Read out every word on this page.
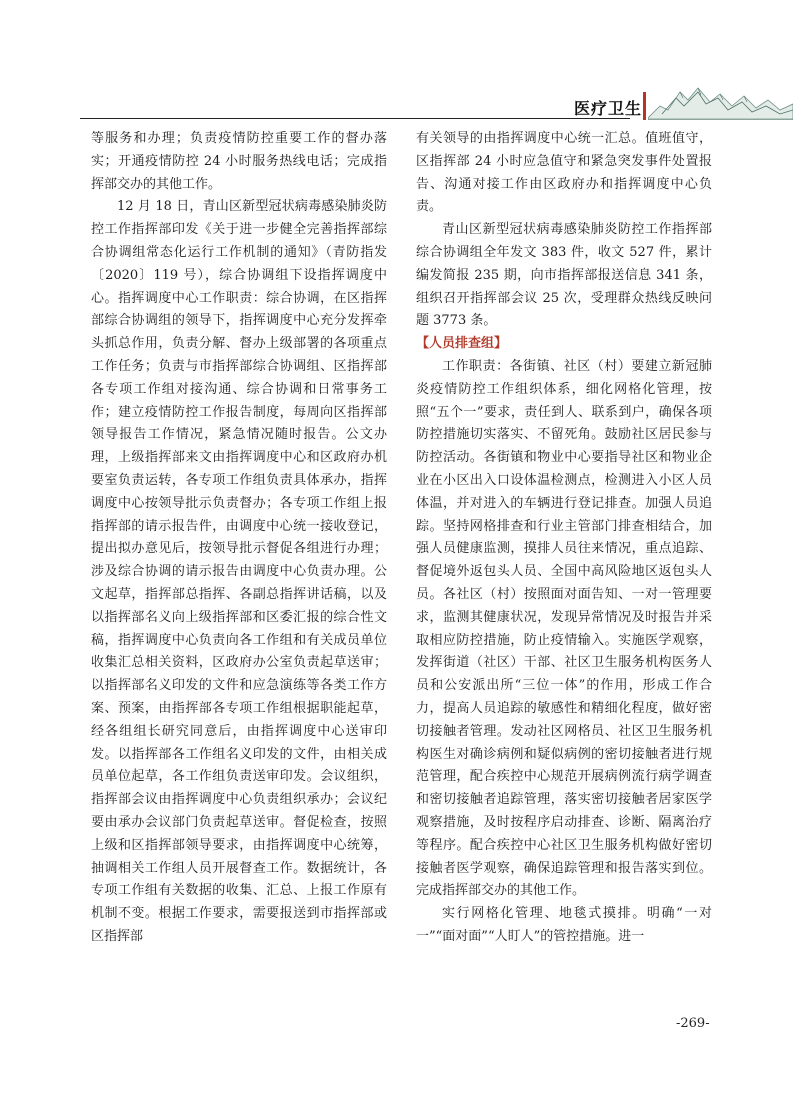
医疗卫生

等服务和办理；负责疫情防控重要工作的督办落实；开通疫情防控 24 小时服务热线电话；完成指挥部交办的其他工作。

12 月 18 日，青山区新型冠状病毒感染肺炎防控工作指挥部印发《关于进一步健全完善指挥部综合协调组常态化运行工作机制的通知》（青防指发〔2020〕119 号），综合协调组下设指挥调度中心。指挥调度中心工作职责：综合协调，在区指挥部综合协调组的领导下，指挥调度中心充分发挥牵头抓总作用，负责分解、督办上级部署的各项重点工作任务；负责与市指挥部综合协调组、区指挥部各专项工作组对接沟通、综合协调和日常事务工作；建立疫情防控工作报告制度，每周向区指挥部领导报告工作情况，紧急情况随时报告。公文办理，上级指挥部来文由指挥调度中心和区政府办机要室负责运转，各专项工作组负责具体承办，指挥调度中心按领导批示负责督办；各专项工作组上报指挥部的请示报告件，由调度中心统一接收登记，提出拟办意见后，按领导批示督促各组进行办理；涉及综合协调的请示报告由调度中心负责办理。公文起草，指挥部总指挥、各副总指挥讲话稿，以及以指挥部名义向上级指挥部和区委汇报的综合性文稿，指挥调度中心负责向各工作组和有关成员单位收集汇总相关资料，区政府办公室负责起草送审；以指挥部名义印发的文件和应急演练等各类工作方案、预案，由指挥部各专项工作组根据职能起草，经各组组长研究同意后，由指挥调度中心送审印发。以指挥部各工作组名义印发的文件，由相关成员单位起草，各工作组负责送审印发。会议组织，指挥部会议由指挥调度中心负责组织承办；会议纪要由承办会议部门负责起草送审。督促检查，按照上级和区指挥部领导要求，由指挥调度中心统筹，抽调相关工作组人员开展督查工作。数据统计，各专项工作组有关数据的收集、汇总、上报工作原有机制不变。根据工作要求，需要报送到市指挥部或区指挥部

有关领导的由指挥调度中心统一汇总。值班值守，区指挥部 24 小时应急值守和紧急突发事件处置报告、沟通对接工作由区政府办和指挥调度中心负责。

青山区新型冠状病毒感染肺炎防控工作指挥部综合协调组全年发文 383 件，收文 527 件，累计编发简报 235 期，向市指挥部报送信息 341 条，组织召开指挥部会议 25 次，受理群众热线反映问题 3773 条。

【人员排查组】

工作职责：各街镇、社区（村）要建立新冠肺炎疫情防控工作组织体系，细化网格化管理，按照“五个一”要求，责任到人、联系到户，确保各项防控措施切实落实、不留死角。鼓励社区居民参与防控活动。各街镇和物业中心要指导社区和物业企业在小区出入口设体温检测点，检测进入小区人员体温，并对进入的车辆进行登记排查。加强人员追踪。坚持网格排查和行业主管部门排查相结合，加强人员健康监测，摸排人员往来情况，重点追踪、督促境外返包头人员、全国中高风险地区返包头人员。各社区（村）按照面对面告知、一对一管理要求，监测其健康状况，发现异常情况及时报告并采取相应防控措施，防止疫情输入。实施医学观察，发挥街道（社区）干部、社区卫生服务机构医务人员和公安派出所“三位一体”的作用，形成工作合力，提高人员追踪的敏感性和精细化程度，做好密切接触者管理。发动社区网格员、社区卫生服务机构医生对确诊病例和疑似病例的密切接触者进行规范管理，配合疾控中心规范开展病例流行病学调查和密切接触者追踪管理，落实密切接触者居家医学观察措施，及时按程序启动排查、诊断、隔离治疗等程序。配合疾控中心社区卫生服务机构做好密切接触者医学观察，确保追踪管理和报告落实到位。完成指挥部交办的其他工作。

实行网格化管理、地毯式摸排。明确“一对一”“面对面”“人盯人”的管控措施。进一

-269-
